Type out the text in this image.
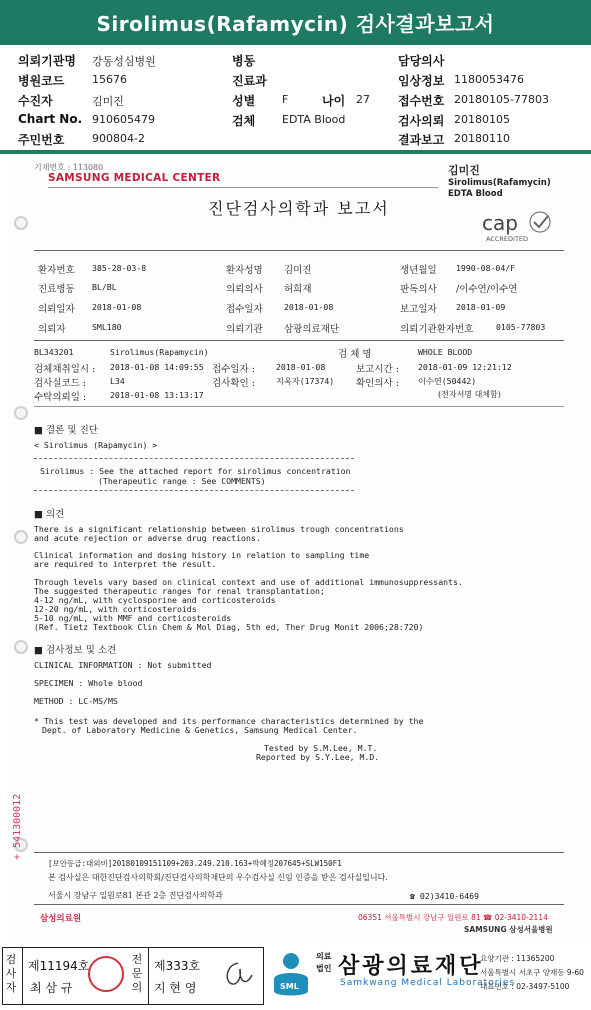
Sirolimus(Rafamycin) 검사결과보고서
의뢰기관명 강동성심병원	병동	담당의사
병원코드	15676	진료과	임상정보 1180053476
수진자	김미진	성별 F	나이 27 접수번호 20180105-77803
Chart No. 910605479	검체 EDTA Blood	검사의뢰 20180105
주민번호	900804-2	결과보고 20180110
기재번호 : 113080
SAMSUNG MEDICAL CENTER
김미진
Sirolimus(Rafamycin)
EDTA Blood
진단검사의학과 보고서
cap
ACCREDITED
환자번호 385-28-03-8	환자성명 김미진	생년월일 1990-08-04/F
진료병동 BL/BL	의뢰의사 허희재	판독의사 /이수연/이수연
의뢰일자 2018-01-08	접수일자	2018-01-08	보고일자 2018-01-09
의뢰자	SML180	의뢰기관 삼광의료재단	의뢰기관환자번호	0105-77803
BL343201	Sirolimus(Rapamycin)	검 체 명	WHOLE BLOOD
검체채취일시 : 2018-01-08 14:09:55 접수일자 :	2018-01-08	보고시간 : 2018-01-09 12:21:12
검사실코드 :	L34	검사확인 :	지옥자(17374) 확인의사 : 이수연(50442)
수탁의뢰일 :	2018-01-08 13:13:17	(전자서명 대체함)
■ 결론 및 진단
< Sirolimus (Rapamycin) >
Sirolimus : See the attached report for sirolimus concentration
(Therapeutic range : See COMMENTS)
■ 의견
There is a significant relationship between sirolimus trough concentrations
and acute rejection or adverse drug reactions.
Clinical information and dosing history in relation to sampling time
are required to interpret the result.
Through levels vary based on clinical context and use of additional immunosuppressants.
The suggested therapeutic ranges for renal transplantation;
4-12 ng/mL, with cyclosporine and corticosteroids
12-20 ng/mL, with corticosteroids
5-10 ng/mL, with MMF and corticosteroids
(Ref. Tietz Textbook Clin Chem & Mol Diag, 5th ed, Ther Drug Monit 2006;28:720)
■ 검사정보 및 소견
CLINICAL INFORMATION : Not submitted
SPECIMEN : Whole blood
METHOD : LC-MS/MS
* This test was developed and its performance characteristics determined by the
Dept. of Laboratory Medicine & Genetics, Samsung Medical Center.
Tested by S.M.Lee, M.T.
Reported by S.Y.Lee, M.D.
+ 541300012
[보안등급:대외비]20180109151109+203.249.210.163+박혜정207645+SLW150F1
본 검사실은 대한진단검사의학회/진단검사의학재단의 우수검사실 신임 인증을 받은 검사실입니다.
서울시 강남구 일원로81 본관 2층 진단검사의학과	☎ 02)3410-6469
삼성의료원	06351 서울특별시 강남구 일원로 81 ☎ 02-3410-2114
SAMSUNG 삼성서울병원
검사자
제11194호
최 삼 규
전문의
제333호
지 현 영	SML
의료
법인 삼광의료재단
Samkwang Medical Laboratories
요양기관 : 11365200
서울특별시 서초구 양재동 9-60
대표번호 : 02-3497-5100
